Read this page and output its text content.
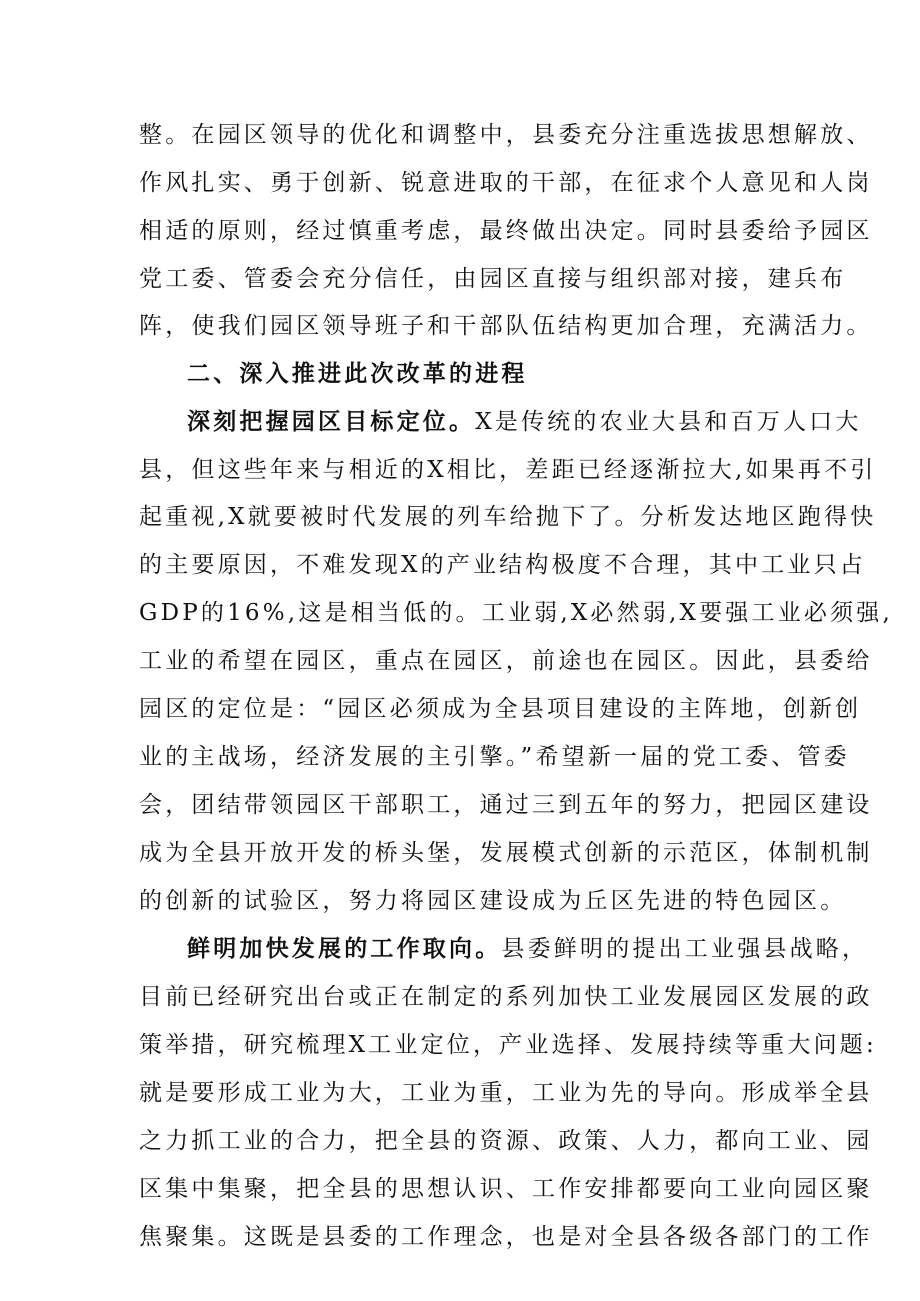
整。在园区领导的优化和调整中，县委充分注重选拔思想解放、
作风扎实、勇于创新、锐意进取的干部，在征求个人意见和人岗
相适的原则，经过慎重考虑，最终做出决定。同时县委给予园区
党工委、管委会充分信任，由园区直接与组织部对接，建兵布
阵，使我们园区领导班子和干部队伍结构更加合理，充满活力。
二、深入推进此次改革的进程
深刻把握园区目标定位。X是传统的农业大县和百万人口大
县，但这些年来与相近的X相比，差距已经逐渐拉大,如果再不引
起重视,X就要被时代发展的列车给抛下了。分析发达地区跑得快
的主要原因，不难发现X的产业结构极度不合理，其中工业只占
GDP的16%,这是相当低的。工业弱,X必然弱,X要强工业必须强,
工业的希望在园区，重点在园区，前途也在园区。因此，县委给
园区的定位是：“园区必须成为全县项目建设的主阵地，创新创
业的主战场，经济发展的主引擎。”希望新一届的党工委、管委
会，团结带领园区干部职工，通过三到五年的努力，把园区建设
成为全县开放开发的桥头堡，发展模式创新的示范区，体制机制
的创新的试验区，努力将园区建设成为丘区先进的特色园区。
鲜明加快发展的工作取向。县委鲜明的提出工业强县战略，
目前已经研究出台或正在制定的系列加快工业发展园区发展的政
策举措，研究梳理X工业定位，产业选择、发展持续等重大问题:
就是要形成工业为大，工业为重，工业为先的导向。形成举全县
之力抓工业的合力，把全县的资源、政策、人力，都向工业、园
区集中集聚，把全县的思想认识、工作安排都要向工业向园区聚
焦聚集。这既是县委的工作理念，也是对全县各级各部门的工作
